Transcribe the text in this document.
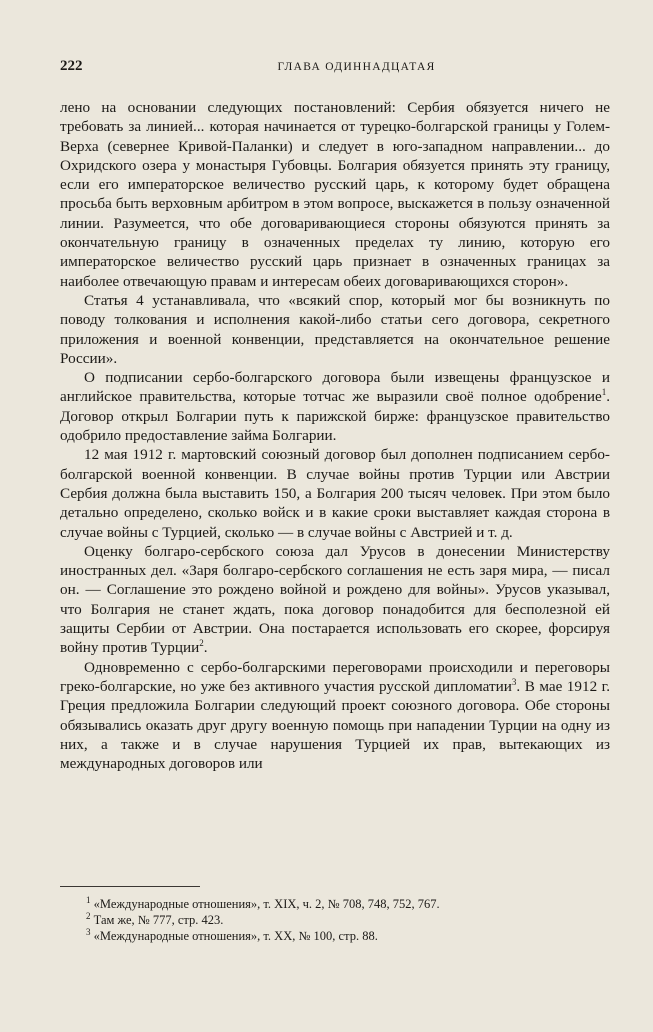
222	ГЛАВА ОДИННАДЦАТАЯ

лено на основании следующих постановлений: Сербия обязуется ничего не требовать за линией... которая начинается от турецко-болгарской границы у Голем-Верха (севернее Кривой-Паланки) и следует в юго-западном направлении... до Охридского озера у монастыря Губовцы. Болгария обязуется принять эту границу, если его императорское величество русский царь, к которому будет обращена просьба быть верховным арбитром в этом вопросе, выскажется в пользу означенной линии. Разумеется, что обе договаривающиеся стороны обязуются принять за окончательную границу в означенных пределах ту линию, которую его императорское величество русский царь признает в означенных границах за наиболее отвечающую правам и интересам обеих договаривающихся сторон».

Статья 4 устанавливала, что «всякий спор, который мог бы возникнуть по поводу толкования и исполнения какой-либо статьи сего договора, секретного приложения и военной конвенции, представляется на окончательное решение России».

О подписании сербо-болгарского договора были извещены французское и английское правительства, которые тотчас же выразили своё полное одобрение$^1$. Договор открыл Болгарии путь к парижской бирже: французское правительство одобрило предоставление займа Болгарии.

12 мая 1912 г. мартовский союзный договор был дополнен подписанием сербо-болгарской военной конвенции. В случае войны против Турции или Австрии Сербия должна была выставить 150, а Болгария 200 тысяч человек. При этом было детально определено, сколько войск и в какие сроки выставляет каждая сторона в случае войны с Турцией, сколько — в случае войны с Австрией и т. д.

Оценку болгаро-сербского союза дал Урусов в донесении Министерству иностранных дел. «Заря болгаро-сербского соглашения не есть заря мира, — писал он. — Соглашение это рождено войной и рождено для войны». Урусов указывал, что Болгария не станет ждать, пока договор понадобится для бесполезной ей защиты Сербии от Австрии. Она постарается использовать его скорее, форсируя войну против Турции$^2$.

Одновременно с сербо-болгарскими переговорами происходили и переговоры греко-болгарские, но уже без активного участия русской дипломатии$^3$. В мае 1912 г. Греция предложила Болгарии следующий проект союзного договора. Обе стороны обязывались оказать друг другу военную помощь при нападении Турции на одну из них, а также и в случае нарушения Турцией их прав, вытекающих из международных договоров или

$^1$ «Международные отношения», т. XIX, ч. 2, № 708, 748, 752, 767.
$^2$ Там же, № 777, стр. 423.
$^3$ «Международные отношения», т. XX, № 100, стр. 88.
